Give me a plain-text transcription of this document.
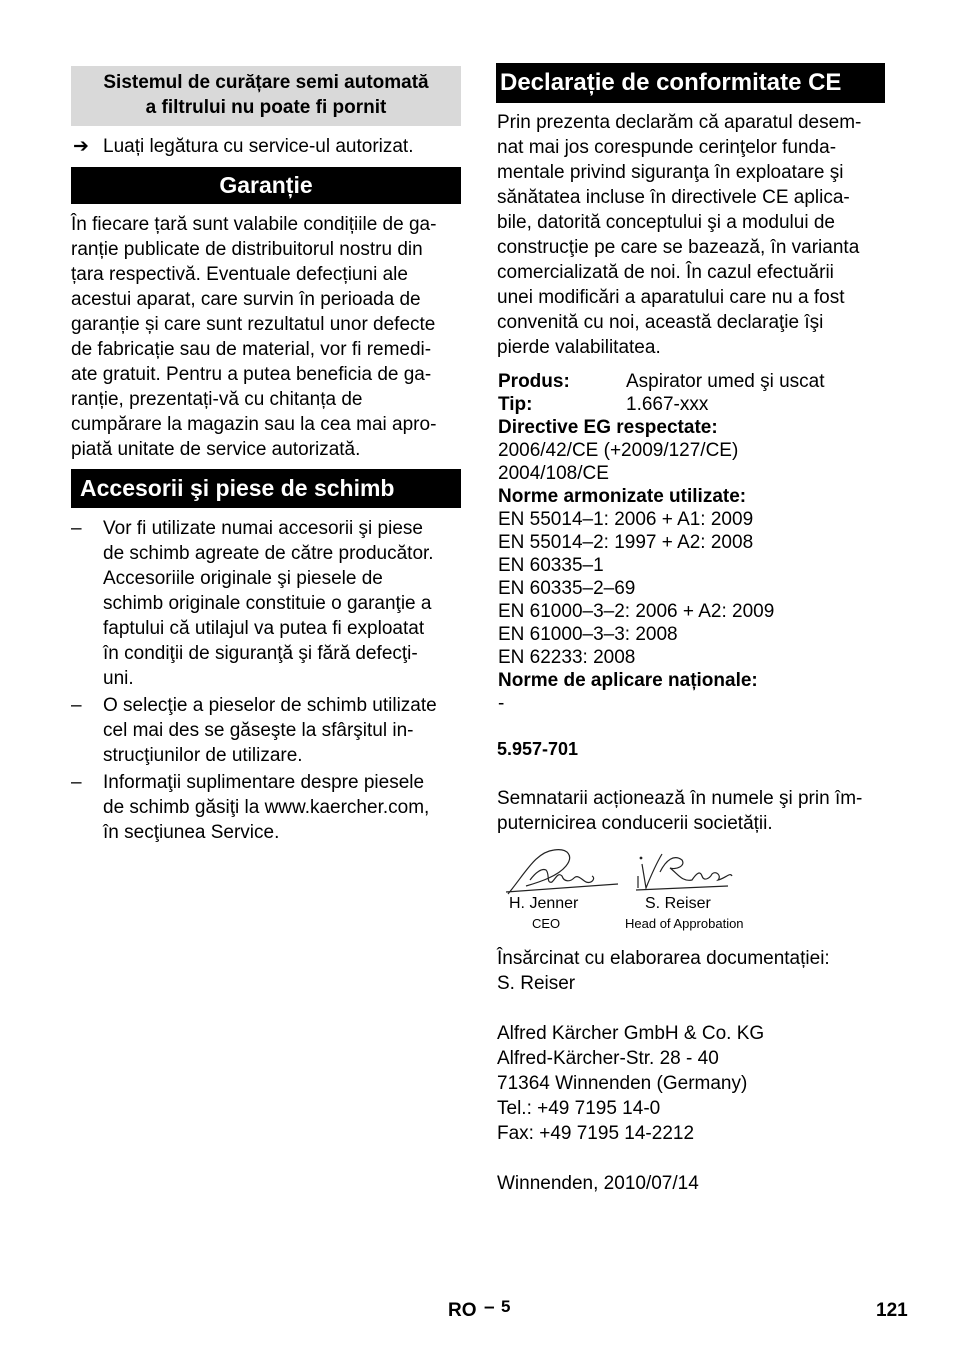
Sistemul de curățare semi automată
a filtrului nu poate fi pornit
➔ Luați legătura cu service-ul autorizat.
Garanție
În fiecare țară sunt valabile condițiile de ga-
ranție publicate de distribuitorul nostru din
țara respectivă. Eventuale defecțiuni ale
acestui aparat, care survin în perioada de
garanție și care sunt rezultatul unor defecte
de fabricație sau de material, vor fi remedi-
ate gratuit. Pentru a putea beneficia de ga-
ranție, prezentați-vă cu chitanța de
cumpărare la magazin sau la cea mai apro-
piată unitate de service autorizată.
Accesorii şi piese de schimb
– Vor fi utilizate numai accesorii şi piese
de schimb agreate de către producător.
Accesoriile originale şi piesele de
schimb originale constituie o garanţie a
faptului că utilajul va putea fi exploatat
în condiţii de siguranţă şi fără defecţi-
uni.
– O selecţie a pieselor de schimb utilizate
cel mai des se găseşte la sfârşitul in-
strucţiunilor de utilizare.
– Informaţii suplimentare despre piesele
de schimb găsiţi la www.kaercher.com,
în secţiunea Service.
Declarație de conformitate CE
Prin prezenta declarăm că aparatul desem-
nat mai jos corespunde cerinţelor funda-
mentale privind siguranţa în exploatare şi
sănătatea incluse în directivele CE aplica-
bile, datorită conceptului şi a modului de
construcţie pe care se bazează, în varianta
comercializată de noi. În cazul efectuării
unei modificări a aparatului care nu a fost
convenită cu noi, această declaraţie îşi
pierde valabilitatea.
Produs:	Aspirator umed şi uscat
Tip:	1.667-xxx
Directive EG respectate:
2006/42/CE (+2009/127/CE)
2004/108/CE
Norme armonizate utilizate:
EN 55014–1: 2006 + A1: 2009
EN 55014–2: 1997 + A2: 2008
EN 60335–1
EN 60335–2–69
EN 61000–3–2: 2006 + A2: 2009
EN 61000–3–3: 2008
EN 62233: 2008
Norme de aplicare naționale:
-
5.957-701
Semnatarii acționează în numele şi prin îm-
puternicirea conducerii societății.
H. Jenner
CEO
S. Reiser
Head of Approbation
Însărcinat cu elaborarea documentației:
S. Reiser
Alfred Kärcher GmbH & Co. KG
Alfred-Kärcher-Str. 28 - 40
71364 Winnenden (Germany)
Tel.: +49 7195 14-0
Fax: +49 7195 14-2212
Winnenden, 2010/07/14
RO – 5	121
